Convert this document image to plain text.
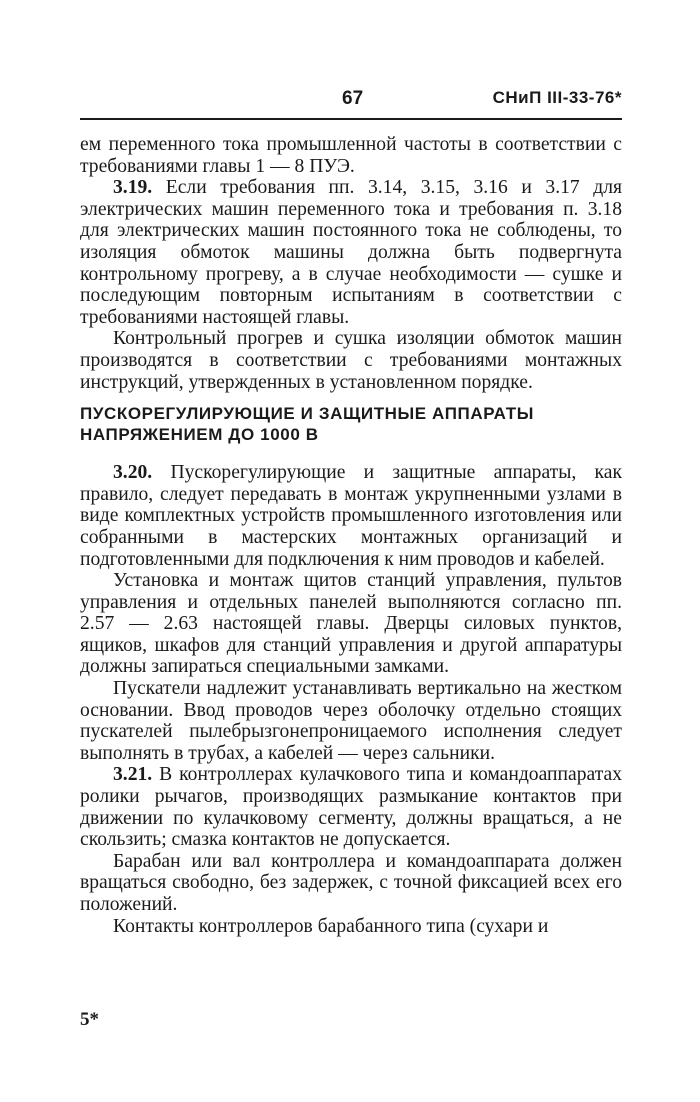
67	СНиП III-33-76*

ем переменного тока промышленной частоты в соответствии с требованиями главы 1 — 8 ПУЭ.

3.19. Если требования пп. 3.14, 3.15, 3.16 и 3.17 для электрических машин переменного тока и требования п. 3.18 для электрических машин постоянного тока не соблюдены, то изоляция обмоток машины должна быть подвергнута контрольному прогреву, а в случае необходимости — сушке и последующим повторным испытаниям в соответствии с требованиями настоящей главы.

Контрольный прогрев и сушка изоляции обмоток машин производятся в соответствии с требованиями монтажных инструкций, утвержденных в установленном порядке.

ПУСКОРЕГУЛИРУЮЩИЕ И ЗАЩИТНЫЕ АППАРАТЫ НАПРЯЖЕНИЕМ ДО 1000 В

3.20. Пускорегулирующие и защитные аппараты, как правило, следует передавать в монтаж укрупненными узлами в виде комплектных устройств промышленного изготовления или собранными в мастерских монтажных организаций и подготовленными для подключения к ним проводов и кабелей.

Установка и монтаж щитов станций управления, пультов управления и отдельных панелей выполняются согласно пп. 2.57 — 2.63 настоящей главы. Дверцы силовых пунктов, ящиков, шкафов для станций управления и другой аппаратуры должны запираться специальными замками.

Пускатели надлежит устанавливать вертикально на жестком основании. Ввод проводов через оболочку отдельно стоящих пускателей пылебрызгонепроницаемого исполнения следует выполнять в трубах, а кабелей — через сальники.

3.21. В контроллерах кулачкового типа и командоаппаратах ролики рычагов, производящих размыкание контактов при движении по кулачковому сегменту, должны вращаться, а не скользить; смазка контактов не допускается.

Барабан или вал контроллера и командоаппарата должен вращаться свободно, без задержек, с точной фиксацией всех его положений.

Контакты контроллеров барабанного типа (сухари и

5*
